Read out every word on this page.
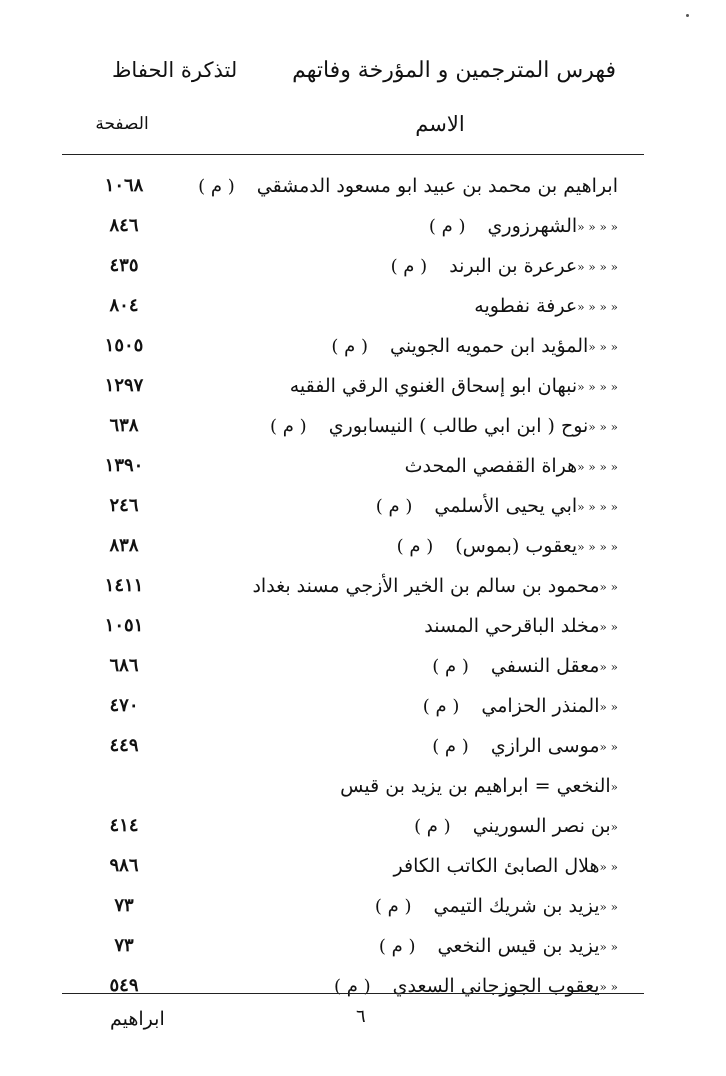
فهرس المترجمين و المؤرخة وفاتهم
لتذكرة الحفاظ
الاسم
الصفحة
١٠٦٨	ابراهيم بن محمد بن عبيد ابو مسعود الدمشقي( م )
٨٤٦	« « « «الشهرزوري( م )
٤٣٥	« « « «عرعرة بن البرند( م )
٨٠٤	« « « «عرفة نفطويه
١٥٠٥	« « «المؤيد ابن حمويه الجويني( م )
١٢٩٧	« « « «نبهان ابو إسحاق الغنوي الرقي الفقيه
٦٣٨	« « «نوح ( ابن ابي طالب ) النيسابوري( م )
١٣٩٠	« « « «هراة القفصي المحدث
٢٤٦	« « « «ابي يحيى الأسلمي( م )
٨٣٨	« « « «يعقوب (بموس)( م )
١٤١١	« «محمود بن سالم بن الخير الأزجي مسند بغداد
١٠٥١	« «مخلد الباقرحي المسند
٦٨٦	« «معقل النسفي( م )
٤٧٠	« «المنذر الحزامي( م )
٤٤٩	« «موسى الرازي( م )
«النخعي = ابراهيم بن يزيد بن قيس
٤١٤	«بن نصر السوريني( م )
٩٨٦	« «هلال الصابئ الكاتب الكافر
٧٣	« «يزيد بن شريك التيمي( م )
٧٣	« «يزيد بن قيس النخعي( م )
٥٤٩	« «يعقوب الجوزجاني السعدي( م )
٦
ابراهيم
